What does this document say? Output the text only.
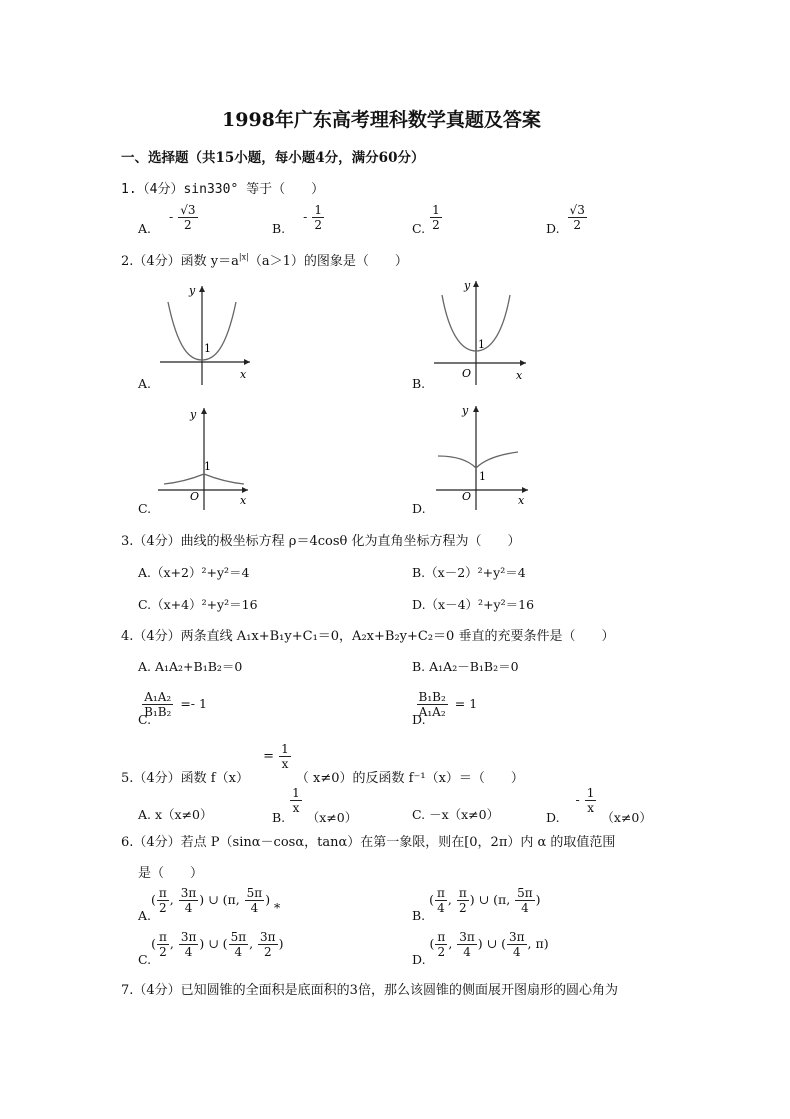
1998年广东高考理科数学真题及答案
一、选择题（共15小题，每小题4分，满分60分）
1.（4分）sin330° 等于（　　）
A. - $\frac{√3}{2}$	B. - $\frac{1}{2}$	C. $\frac{1}{2}$	D. $\frac{√3}{2}$
2.（4分）函数 $y=a^{|x|}(a>1)$的图象是（　　）
y
1
x
A.
y
1
O	x
B.
y
1
O	x
C.
y
1
O	x
D.
3.（4分）曲线的极坐标方程 ρ＝4cosθ 化为直角坐标方程为（　　）
A.（x+2）²+y²＝4	B.（x－2）²+y²＝4
C.（x+4）²+y²＝16	D.（x－4）²+y²＝16
4.（4分）两条直线 A₁x+B₁y+C₁＝0，A₂x+B₂y+C₂＝0 垂直的充要条件是（　　）
A. A₁A₂+B₁B₂＝0	B. A₁A₂－B₁B₂＝0
C.
$\frac{\text{A₁A₂}}{\text{B₁B₂}} =- 1$
D.
$\frac{\text{B₁B₂}}{\text{A₁A₂}} = 1$
5.（4分）函数 $f(x) = \frac{1}{x}$
（ x≠0）的反函数 f⁻¹（x）＝（　　）
A. x（x≠0）	B.
$\frac{1}{x}$
（x≠0）	C. －x（x≠0）	D. - $\frac{1}{x}$
（x≠0）
6.（4分）若点 P（sinα－cosα，tanα）在第一象限，则在[0，2π）内 α 的取值范围
是（　　）
$A.( \frac{\pi}{2}$ , $\frac{3\pi}{4}$ ) ∪ (π, $\frac{5\pi}{4}$ ) *
B. ( $\frac{\pi}{4}$ , $\frac{\pi}{2}$ ) ∪ (π, $\frac{5\pi}{4}$ )
$C.( \frac{\pi}{2}$ , $\frac{3\pi}{4}$ ) ∪ ( $\frac{5\pi}{4}$ , $\frac{3\pi}{2}$ )
D. ( $\frac{\pi}{2}$ , $\frac{3\pi}{4}$ ) ∪ ( $\frac{3\pi}{4}$ , π)
7.（4分）已知圆锥的全面积是底面积的3倍，那么该圆锥的侧面展开图扇形的圆心角为
